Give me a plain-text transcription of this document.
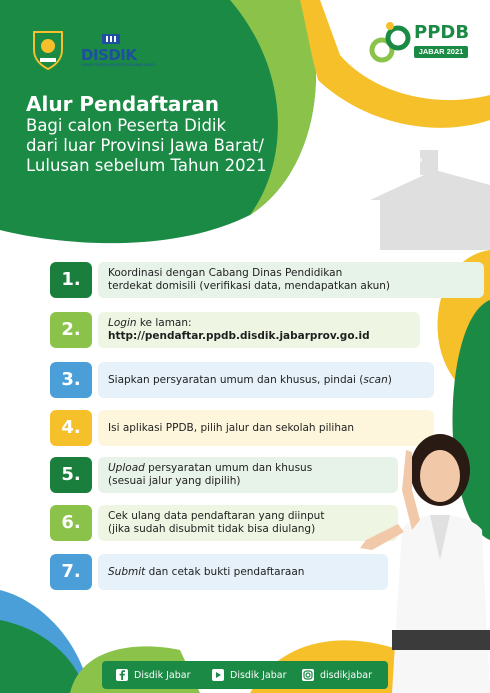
DISDIK
DINAS PENDIDIKAN PROVINSI JAWA BARAT
PPDB
JABAR 2021
Alur Pendaftaran
Bagi calon Peserta Didik
dari luar Provinsi Jawa Barat/
Lulusan sebelum Tahun 2021
1.	Koordinasi dengan Cabang Dinas Pendidikan
terdekat domisili (verifikasi data, mendapatkan akun)
2.	Login ke laman:
http://pendaftar.ppdb.disdik.jabarprov.go.id
3.	Siapkan persyaratan umum dan khusus, pindai (scan)
4.	Isi aplikasi PPDB, pilih jalur dan sekolah pilihan
5.	Upload persyaratan umum dan khusus
(sesuai jalur yang dipilih)
6.	Cek ulang data pendaftaran yang diinput
(jika sudah disubmit tidak bisa diulang)
7.	Submit dan cetak bukti pendaftaraan
Disdik Jabar	Disdik Jabar	disdikjabar
